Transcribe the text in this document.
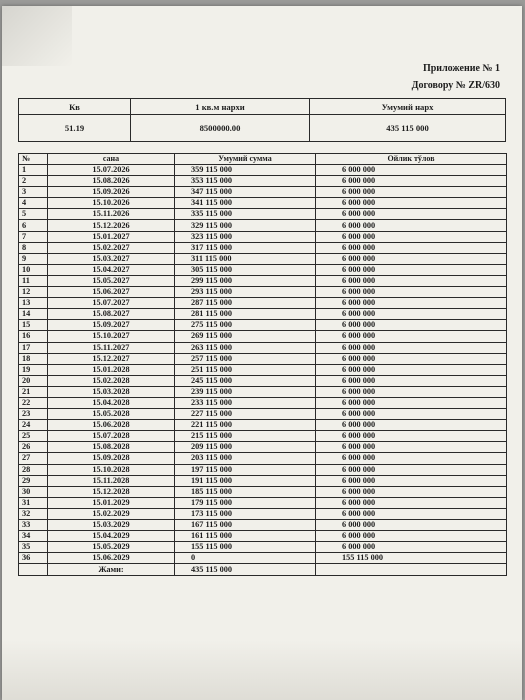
Приложение № 1
Договору № ZR/630
Кв	1 кв.м нархи	Умумий нарх
51.19	8500000.00	435 115 000
№	сана	Умумий сумма	Ойлик тўлов
1	15.07.2026	359 115 000	6 000 000
2	15.08.2026	353 115 000	6 000 000
3	15.09.2026	347 115 000	6 000 000
4	15.10.2026	341 115 000	6 000 000
5	15.11.2026	335 115 000	6 000 000
6	15.12.2026	329 115 000	6 000 000
7	15.01.2027	323 115 000	6 000 000
8	15.02.2027	317 115 000	6 000 000
9	15.03.2027	311 115 000	6 000 000
10	15.04.2027	305 115 000	6 000 000
11	15.05.2027	299 115 000	6 000 000
12	15.06.2027	293 115 000	6 000 000
13	15.07.2027	287 115 000	6 000 000
14	15.08.2027	281 115 000	6 000 000
15	15.09.2027	275 115 000	6 000 000
16	15.10.2027	269 115 000	6 000 000
17	15.11.2027	263 115 000	6 000 000
18	15.12.2027	257 115 000	6 000 000
19	15.01.2028	251 115 000	6 000 000
20	15.02.2028	245 115 000	6 000 000
21	15.03.2028	239 115 000	6 000 000
22	15.04.2028	233 115 000	6 000 000
23	15.05.2028	227 115 000	6 000 000
24	15.06.2028	221 115 000	6 000 000
25	15.07.2028	215 115 000	6 000 000
26	15.08.2028	209 115 000	6 000 000
27	15.09.2028	203 115 000	6 000 000
28	15.10.2028	197 115 000	6 000 000
29	15.11.2028	191 115 000	6 000 000
30	15.12.2028	185 115 000	6 000 000
31	15.01.2029	179 115 000	6 000 000
32	15.02.2029	173 115 000	6 000 000
33	15.03.2029	167 115 000	6 000 000
34	15.04.2029	161 115 000	6 000 000
35	15.05.2029	155 115 000	6 000 000
36	15.06.2029	0	155 115 000
	Жами:	435 115 000	
